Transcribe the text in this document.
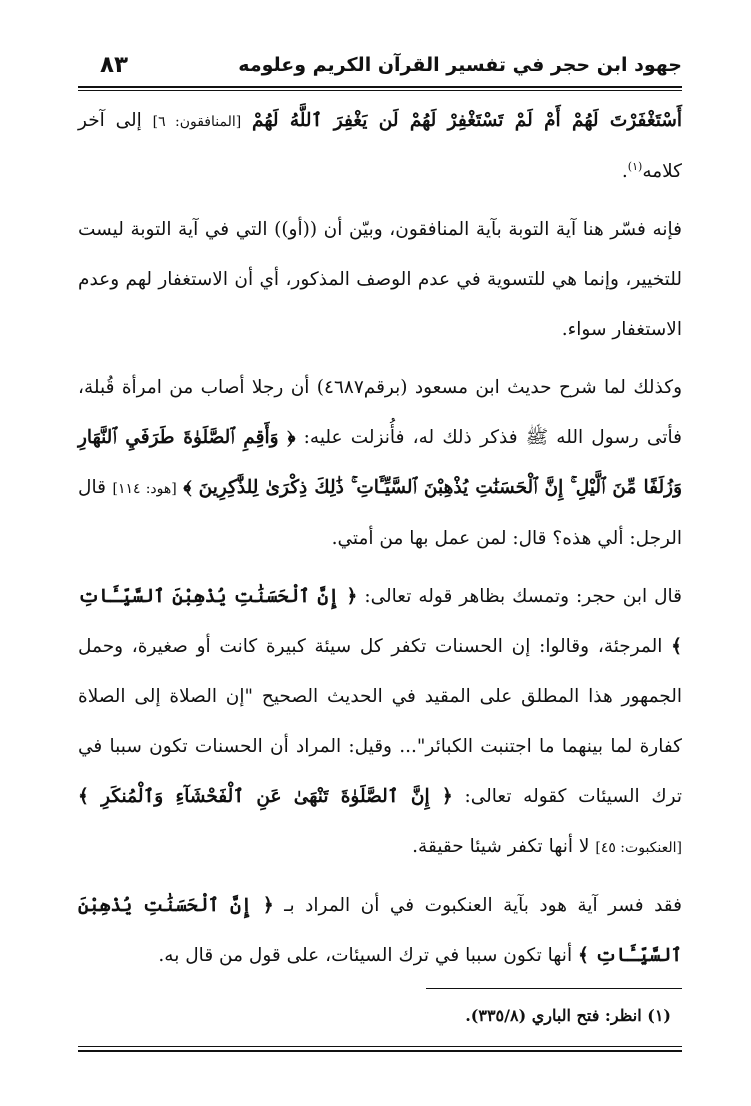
٨٣	جهود ابن حجر في تفسير القرآن الكريم وعلومه

أَسْتَغْفَرْتَ لَهُمْ أَمْ لَمْ تَسْتَغْفِرْ لَهُمْ لَن يَغْفِرَ ٱللَّهُ لَهُمْ [المنافقون: ٦] إلى آخر كلامه$^{(١)}$.

فإنه فسّر هنا آية التوبة بآية المنافقون، وبيّن أن ((أو)) التي في آية التوبة ليست للتخيير، وإنما هي للتسوية في عدم الوصف المذكور، أي أن الاستغفار لهم وعدم الاستغفار سواء.

وكذلك لما شرح حديث ابن مسعود (برقم٤٦٨٧) أن رجلا أصاب من امرأة قُبلة، فأتى رسول الله ﷺ فذكر ذلك له، فأُنزلت عليه: ﴿ وَأَقِمِ ٱلصَّلَوٰةَ طَرَفَيِ ٱلنَّهَارِ وَزُلَفًا مِّنَ ٱلَّيْلِ ۚ إِنَّ ٱلْحَسَنَٰتِ يُذْهِبْنَ ٱلسَّيِّـَٔاتِ ۚ ذَٰلِكَ ذِكْرَىٰ لِلذَّٰكِرِينَ ﴾ [هود: ١١٤] قال الرجل: ألي هذه؟ قال: لمن عمل بها من أمتي.

قال ابن حجر: وتمسك بظاهر قوله تعالى: ﴿ إِنَّ ٱلْحَسَنَٰتِ يُذْهِبْنَ ٱلسَّيِّـَٔاتِ ﴾ المرجئة، وقالوا: إن الحسنات تكفر كل سيئة كبيرة كانت أو صغيرة، وحمل الجمهور هذا المطلق على المقيد في الحديث الصحيح "إن الصلاة إلى الصلاة كفارة لما بينهما ما اجتنبت الكبائر"... وقيل: المراد أن الحسنات تكون سببا في ترك السيئات كقوله تعالى: ﴿ إِنَّ ٱلصَّلَوٰةَ تَنْهَىٰ عَنِ ٱلْفَحْشَآءِ وَٱلْمُنكَرِ ﴾ [العنكبوت: ٤٥] لا أنها تكفر شيئا حقيقة.

فقد فسر آية هود بآية العنكبوت في أن المراد بـ ﴿ إِنَّ ٱلْحَسَنَٰتِ يُذْهِبْنَ ٱلسَّيِّـَٔاتِ ﴾ أنها تكون سببا في ترك السيئات، على قول من قال به.

(١) انظر: فتح الباري (٣٣٥/٨).
